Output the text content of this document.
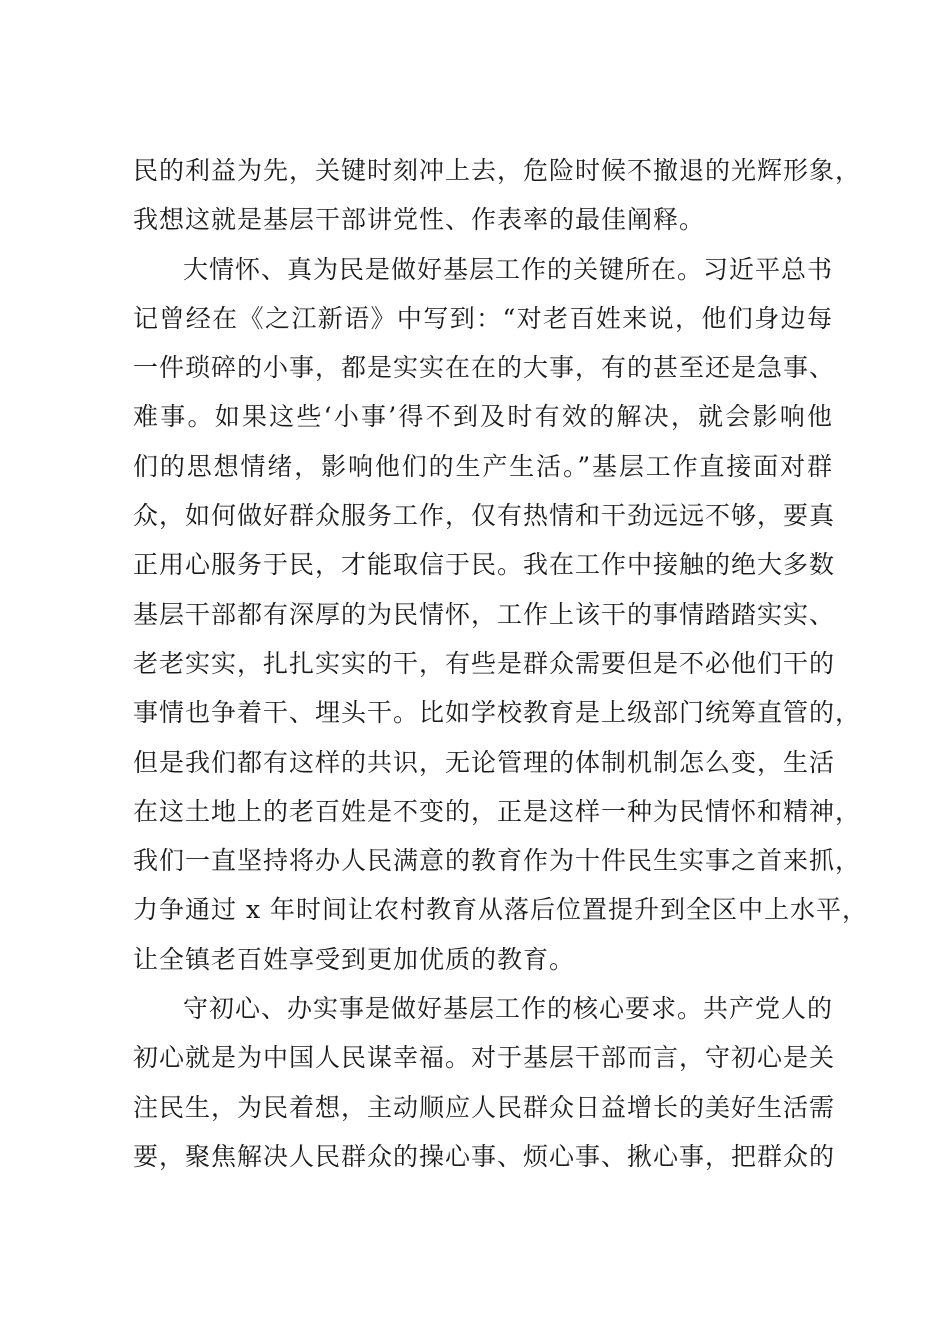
民的利益为先，关键时刻冲上去，危险时候不撤退的光辉形象，
我想这就是基层干部讲党性、作表率的最佳阐释。
大情怀、真为民是做好基层工作的关键所在。习近平总书
记曾经在《之江新语》中写到：“对老百姓来说，他们身边每
一件琐碎的小事，都是实实在在的大事，有的甚至还是急事、
难事。如果这些‘小事’得不到及时有效的解决，就会影响他
们的思想情绪，影响他们的生产生活。”基层工作直接面对群
众，如何做好群众服务工作，仅有热情和干劲远远不够，要真
正用心服务于民，才能取信于民。我在工作中接触的绝大多数
基层干部都有深厚的为民情怀，工作上该干的事情踏踏实实、
老老实实，扎扎实实的干，有些是群众需要但是不必他们干的
事情也争着干、埋头干。比如学校教育是上级部门统筹直管的，
但是我们都有这样的共识，无论管理的体制机制怎么变，生活
在这土地上的老百姓是不变的，正是这样一种为民情怀和精神，
我们一直坚持将办人民满意的教育作为十件民生实事之首来抓，
力争通过 x 年时间让农村教育从落后位置提升到全区中上水平，
让全镇老百姓享受到更加优质的教育。
守初心、办实事是做好基层工作的核心要求。共产党人的
初心就是为中国人民谋幸福。对于基层干部而言，守初心是关
注民生，为民着想，主动顺应人民群众日益增长的美好生活需
要，聚焦解决人民群众的操心事、烦心事、揪心事，把群众的
